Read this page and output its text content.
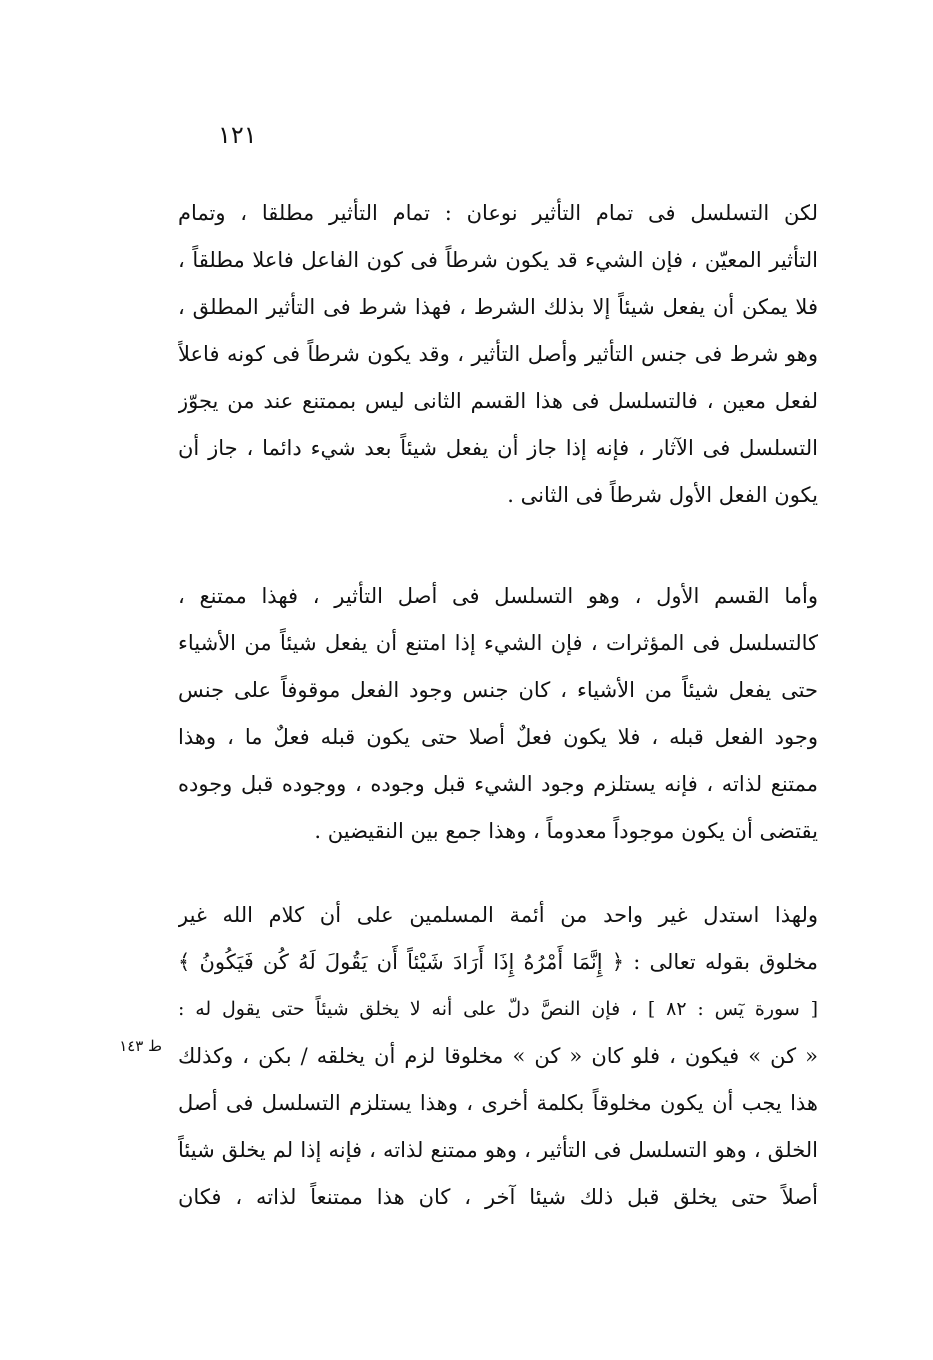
١٢١
لكن التسلسل فى تمام التأثير نوعان : تمام التأثير مطلقا ، وتمام
التأثير المعيّن ، فإن الشيء قد يكون شرطاً فى كون الفاعل فاعلا مطلقاً ،
فلا يمكن أن يفعل شيئاً إلا بذلك الشرط ، فهذا شرط فى التأثير المطلق ،
وهو شرط فى جنس التأثير وأصل التأثير ، وقد يكون شرطاً فى كونه فاعلاً
لفعل معين ، فالتسلسل فى هذا القسم الثانى ليس بممتنع عند من يجوّز
التسلسل فى الآثار ، فإنه إذا جاز أن يفعل شيئاً بعد شيء دائما ، جاز أن
يكون الفعل الأول شرطاً فى الثانى .
وأما القسم الأول ، وهو التسلسل فى أصل التأثير ، فهذا ممتنع ،
كالتسلسل فى المؤثرات ، فإن الشيء إذا امتنع أن يفعل شيئاً من الأشياء
حتى يفعل شيئاً من الأشياء ، كان جنس وجود الفعل موقوفاً على جنس
وجود الفعل قبله ، فلا يكون فعلٌ أصلا حتى يكون قبله فعلٌ ما ، وهذا
ممتنع لذاته ، فإنه يستلزم وجود الشيء قبل وجوده ، ووجوده قبل وجوده
يقتضى أن يكون موجوداً معدوماً ، وهذا جمع بين النقيضين .
ولهذا استدل غير واحد من أئمة المسلمين على أن كلام الله غير
مخلوق بقوله تعالى : ﴿ إِنَّمَا أَمْرُهُ إِذَا أَرَادَ شَيْئاً أَن يَقُولَ لَهُ كُن فَيَكُونُ ﴾
[ سورة يٓس : ٨٢ ] ، فإن النصَّ دلّ على أنه لا يخلق شيئاً حتى يقول له :
« كن » فيكون ، فلو كان « كن » مخلوقا لزم أن يخلقه / بكن ، وكذلك
هذا يجب أن يكون مخلوقاً بكلمة أخرى ، وهذا يستلزم التسلسل فى أصل
الخلق ، وهو التسلسل فى التأثير ، وهو ممتنع لذاته ، فإنه إذا لم يخلق شيئاً
أصلاً حتى يخلق قبل ذلك شيئا آخر ، كان هذا ممتنعاً لذاته ، فكان
ط ١٤٣
